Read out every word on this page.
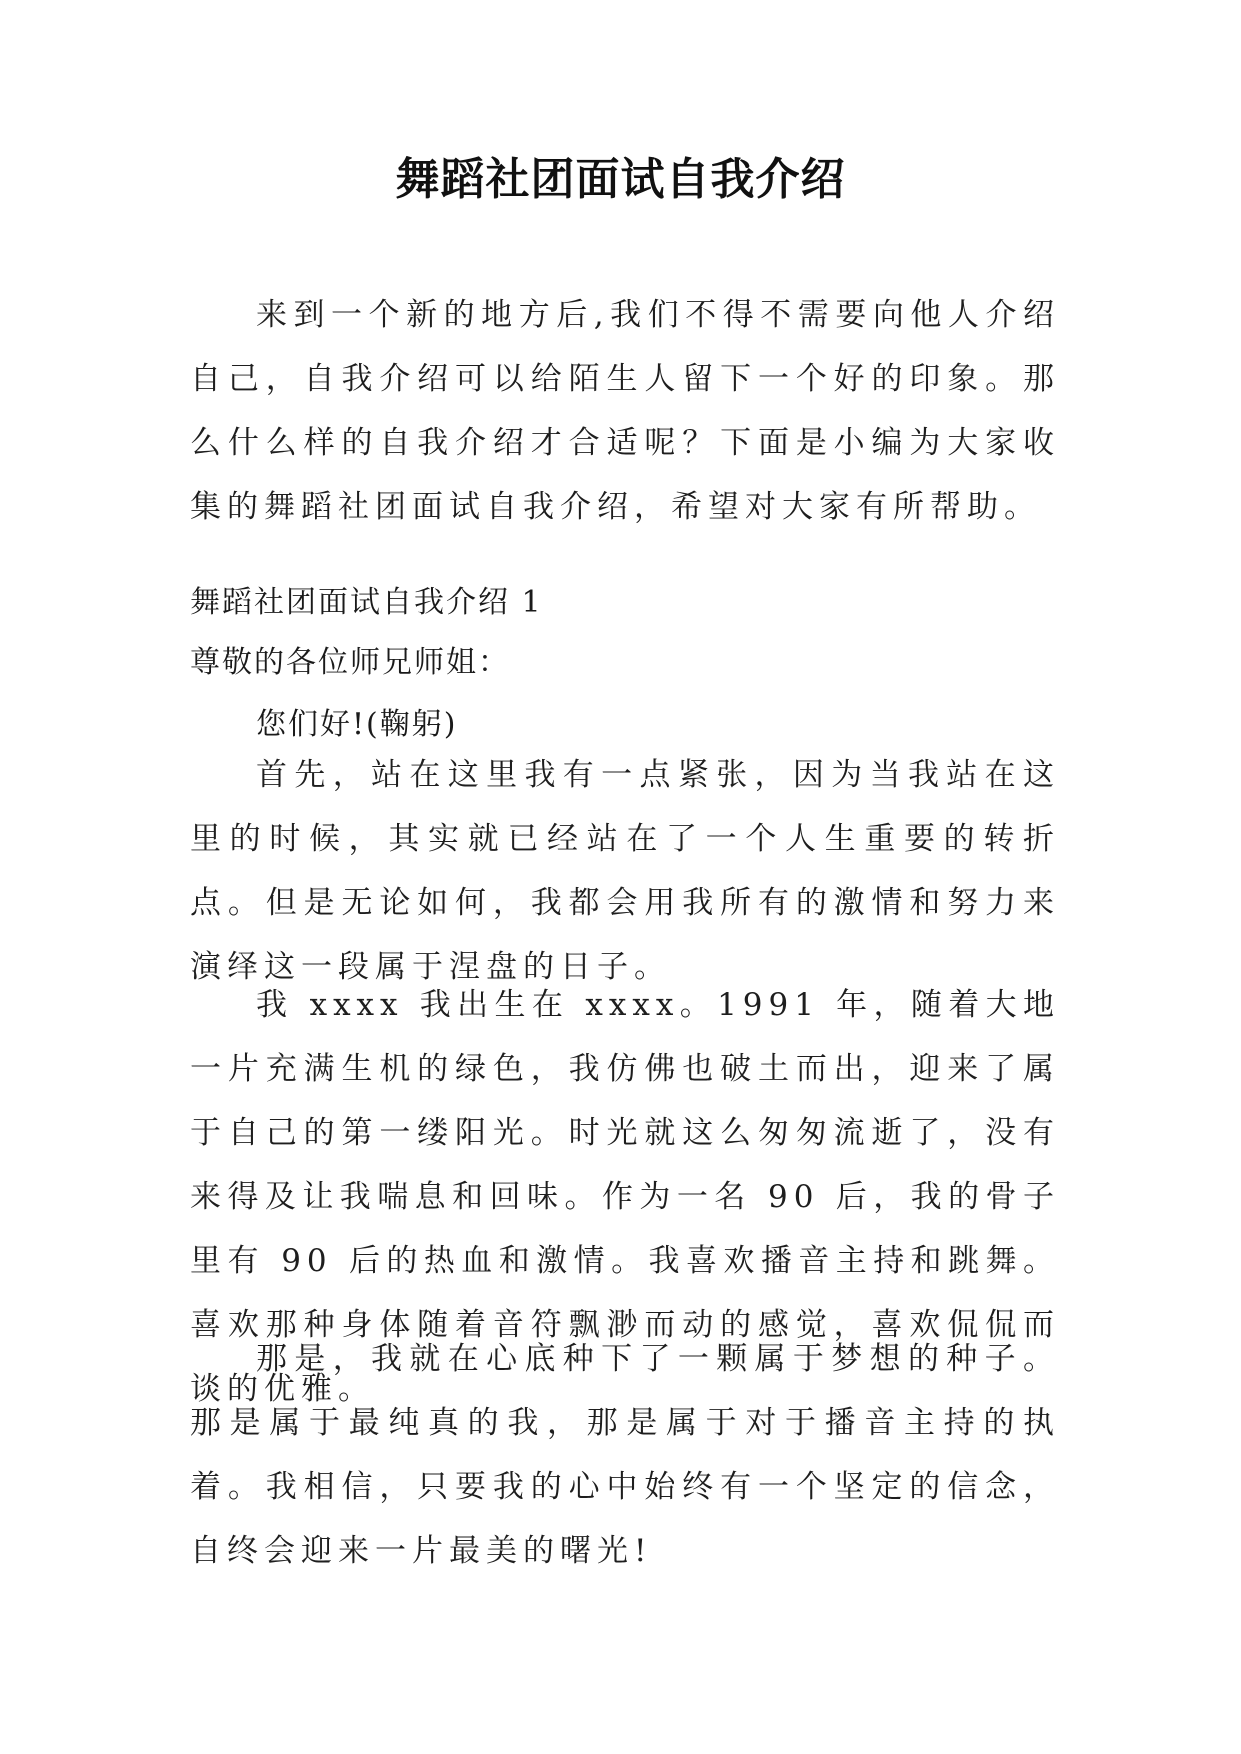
舞蹈社团面试自我介绍
来到一个新的地方后,我们不得不需要向他人介绍自己，自我介绍可以给陌生人留下一个好的印象。那么什么样的自我介绍才合适呢？下面是小编为大家收集的舞蹈社团面试自我介绍，希望对大家有所帮助。
舞蹈社团面试自我介绍 1
尊敬的各位师兄师姐：
您们好!(鞠躬)
首先，站在这里我有一点紧张，因为当我站在这里的时候，其实就已经站在了一个人生重要的转折点。但是无论如何，我都会用我所有的激情和努力来演绎这一段属于涅盘的日子。
我 xxxx 我出生在 xxxx。1991 年，随着大地一片充满生机的绿色，我仿佛也破土而出，迎来了属于自己的第一缕阳光。时光就这么匆匆流逝了，没有来得及让我喘息和回味。作为一名 90 后，我的骨子里有 90 后的热血和激情。我喜欢播音主持和跳舞。喜欢那种身体随着音符飘渺而动的感觉，喜欢侃侃而谈的优雅。
那是，我就在心底种下了一颗属于梦想的种子。那是属于最纯真的我，那是属于对于播音主持的执着。我相信，只要我的心中始终有一个坚定的信念，自终会迎来一片最美的曙光!
